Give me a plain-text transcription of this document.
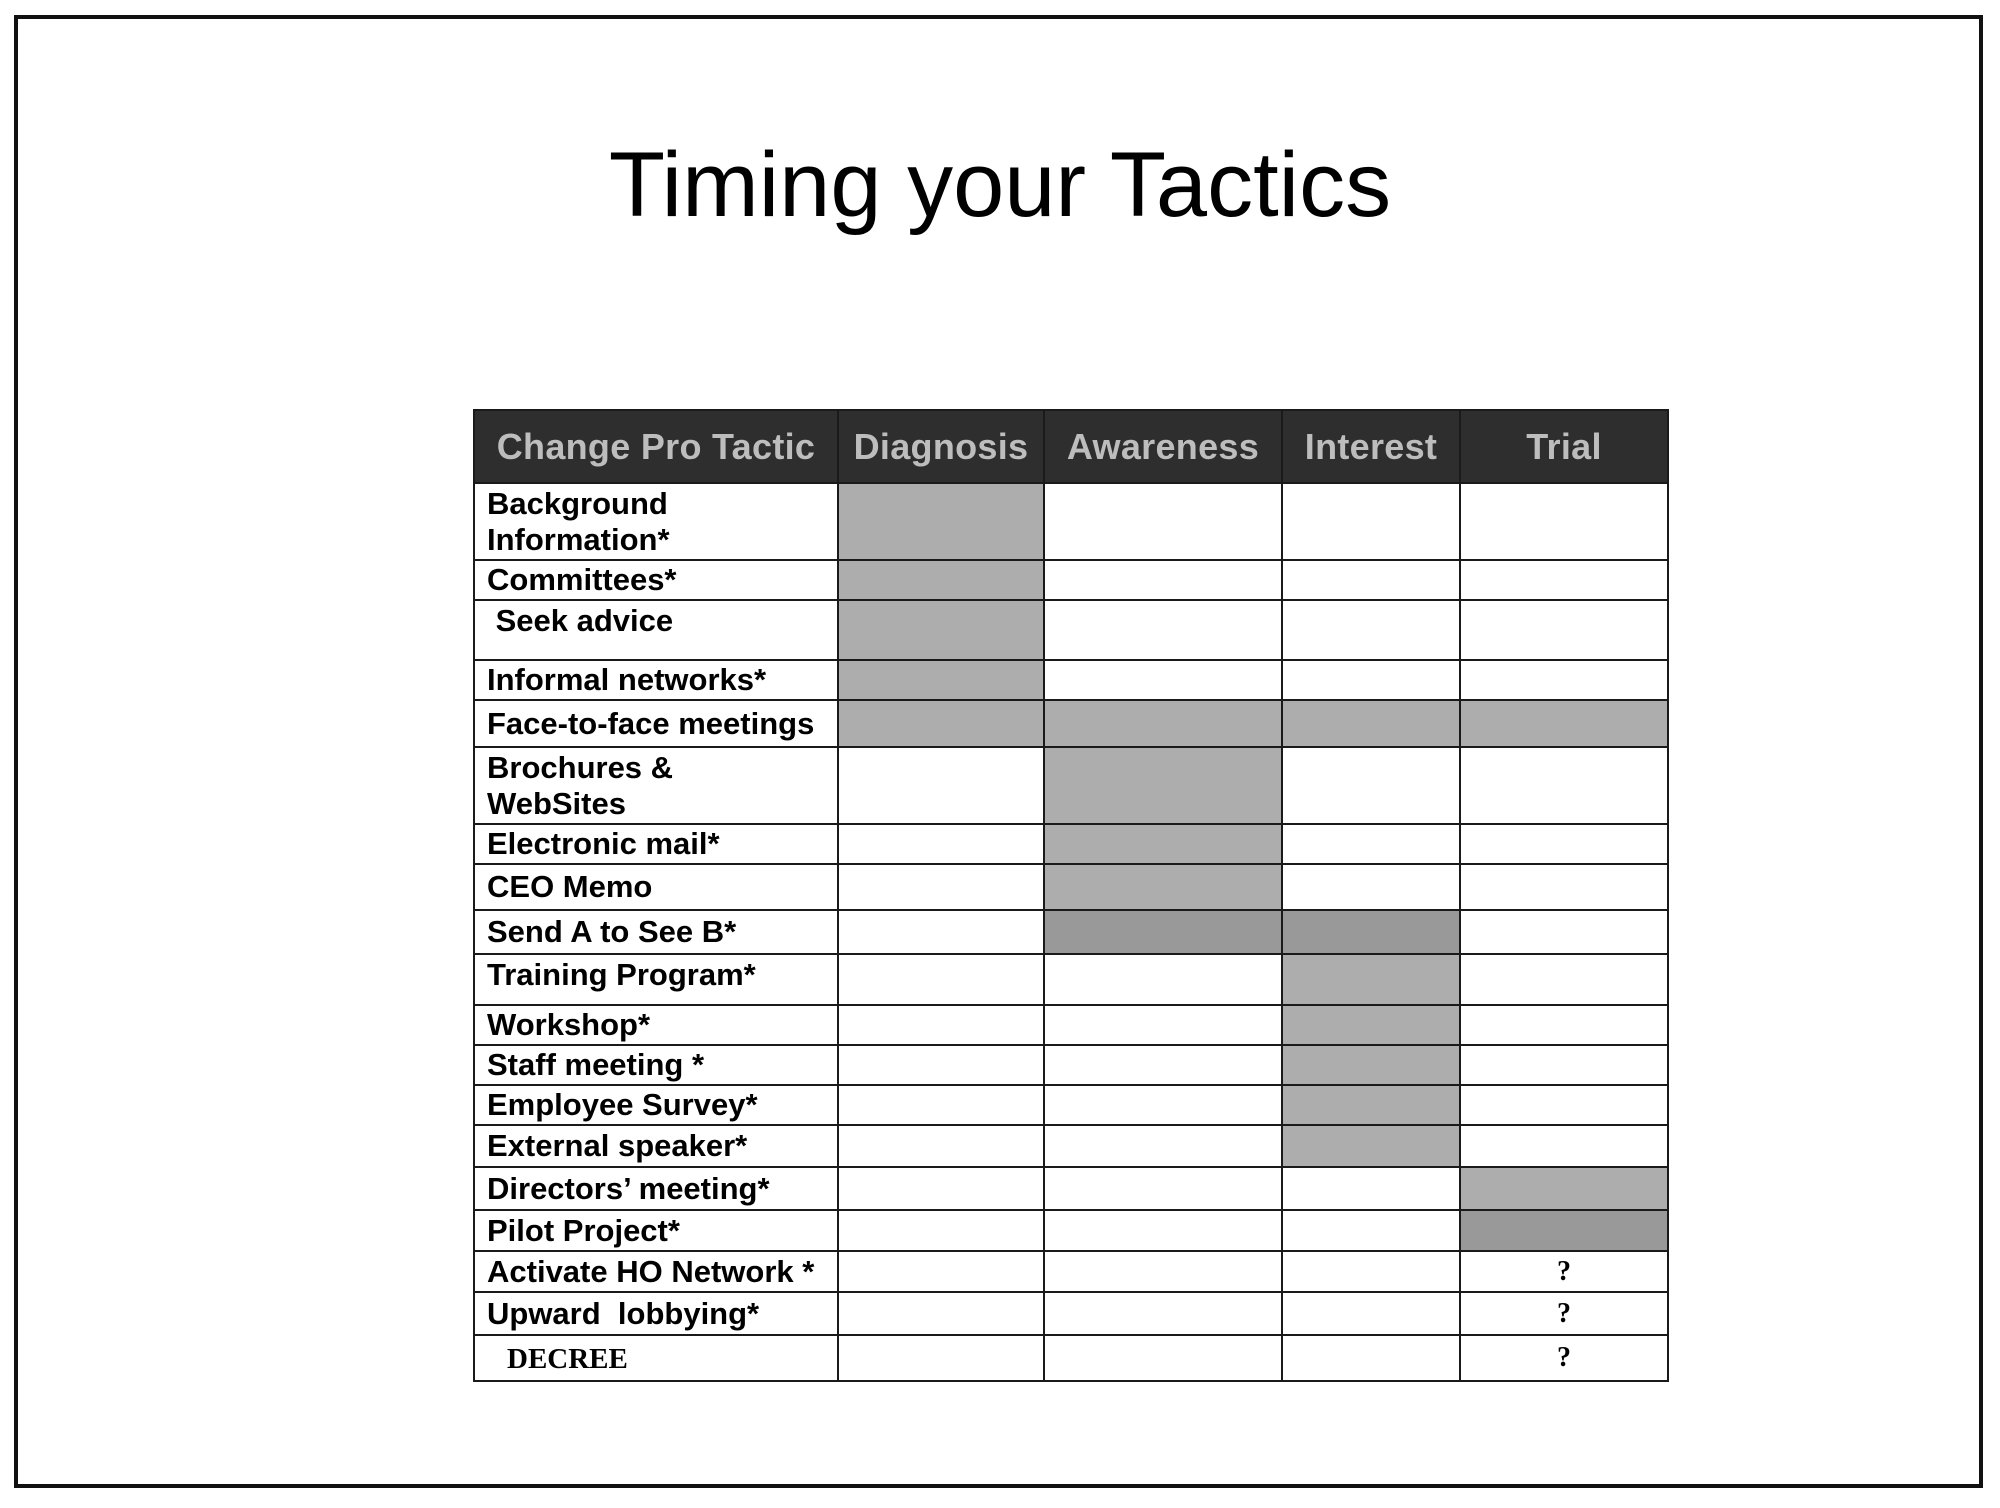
Timing your Tactics
Change Pro Tactic	Diagnosis	Awareness	Interest	Trial
Background Information*				
Committees*				
Seek advice				
Informal networks*				
Face-to-face meetings				
Brochures & WebSites				
Electronic mail*				
CEO Memo				
Send A to See B*				
Training Program*				
Workshop*				
Staff meeting *				
Employee Survey*				
External speaker*				
Directors’ meeting*				
Pilot Project*				
Activate HO Network *				?
Upward  lobbying*				?
DECREE				?
